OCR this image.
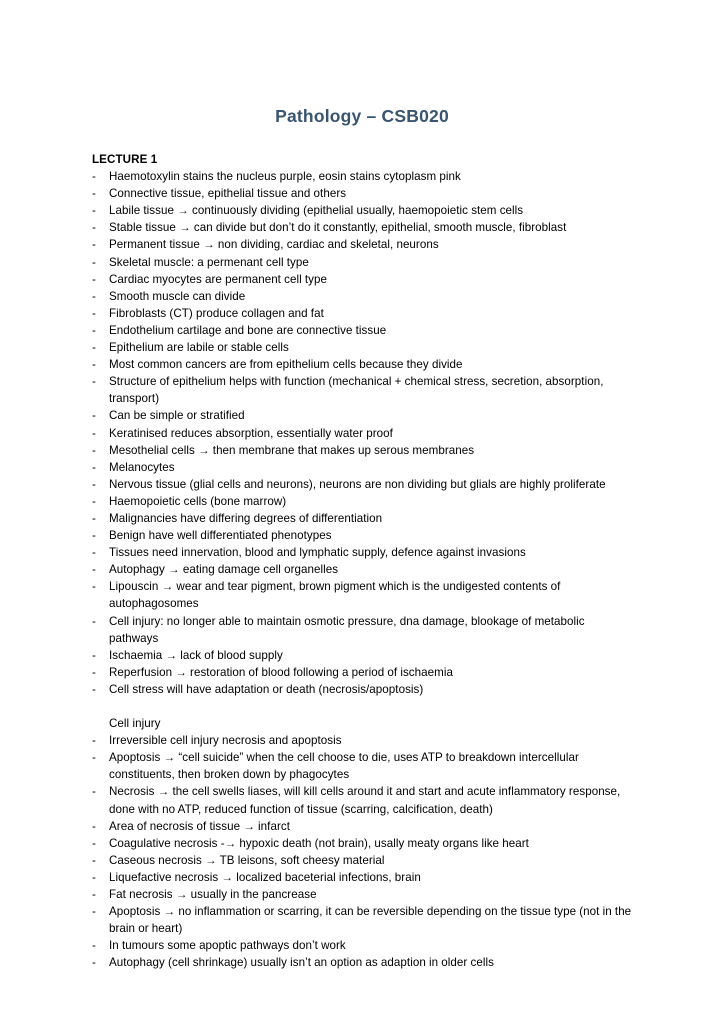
Pathology – CSB020
LECTURE 1
-	Haemotoxylin stains the nucleus purple, eosin stains cytoplasm pink
-	Connective tissue, epithelial tissue and others
-	Labile tissue → continuously dividing (epithelial usually, haemopoietic stem cells
-	Stable tissue → can divide but don’t do it constantly, epithelial, smooth muscle, fibroblast
-	Permanent tissue → non dividing, cardiac and skeletal, neurons
-	Skeletal muscle: a permenant cell type
-	Cardiac myocytes are permanent cell type
-	Smooth muscle can divide
-	Fibroblasts (CT) produce collagen and fat
-	Endothelium cartilage and bone are connective tissue
-	Epithelium are labile or stable cells
-	Most common cancers are from epithelium cells because they divide
-	Structure of epithelium helps with function (mechanical + chemical stress, secretion, absorption, transport)
-	Can be simple or stratified
-	Keratinised reduces absorption, essentially water proof
-	Mesothelial cells → then membrane that makes up serous membranes
-	Melanocytes
-	Nervous tissue (glial cells and neurons), neurons are non dividing but glials are highly proliferate
-	Haemopoietic cells (bone marrow)
-	Malignancies have differing degrees of differentiation
-	Benign have well differentiated phenotypes
-	Tissues need innervation, blood and lymphatic supply, defence against invasions
-	Autophagy → eating damage cell organelles
-	Lipouscin → wear and tear pigment, brown pigment which is the undigested contents of autophagosomes
-	Cell injury: no longer able to maintain osmotic pressure, dna damage, blookage of metabolic pathways
-	Ischaemia → lack of blood supply
-	Reperfusion → restoration of blood following a period of ischaemia
-	Cell stress will have adaptation or death (necrosis/apoptosis)

Cell injury
-	Irreversible cell injury necrosis and apoptosis
-	Apoptosis → “cell suicide” when the cell choose to die, uses ATP to breakdown intercellular constituents, then broken down by phagocytes
-	Necrosis → the cell swells liases, will kill cells around it and start and acute inflammatory response, done with no ATP, reduced function of tissue (scarring, calcification, death)
-	Area of necrosis of tissue → infarct
-	Coagulative necrosis -→ hypoxic death (not brain), usally meaty organs like heart
-	Caseous necrosis → TB leisons, soft cheesy material
-	Liquefactive necrosis → localized baceterial infections, brain
-	Fat necrosis → usually in the pancrease
-	Apoptosis → no inflammation or scarring, it can be reversible depending on the tissue type (not in the brain or heart)
-	In tumours some apoptic pathways don’t work
-	Autophagy (cell shrinkage) usually isn’t an option as adaption in older cells
